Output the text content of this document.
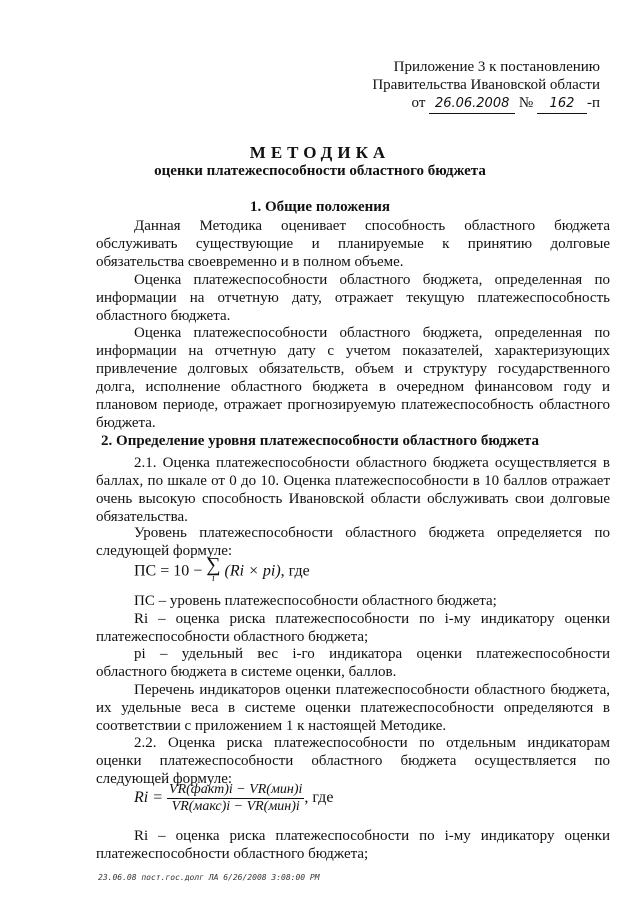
Приложение 3 к постановлению
Правительства Ивановской области
от 26.06.2008 № 162 -п
МЕТОДИКА
оценки платежеспособности областного бюджета
1. Общие положения
Данная Методика оценивает способность областного бюджета обслуживать существующие и планируемые к принятию долговые обязательства своевременно и в полном объеме.
Оценка платежеспособности областного бюджета, определенная по информации на отчетную дату, отражает текущую платежеспособность областного бюджета.
Оценка платежеспособности областного бюджета, определенная по информации на отчетную дату с учетом показателей, характеризующих привлечение долговых обязательств, объем и структуру государственного долга, исполнение областного бюджета в очередном финансовом году и плановом периоде, отражает прогнозируемую платежеспособность областного бюджета.
2. Определение уровня платежеспособности областного бюджета
2.1. Оценка платежеспособности областного бюджета осуществляется в баллах, по шкале от 0 до 10. Оценка платежеспособности в 10 баллов отражает очень высокую способность Ивановской области обслуживать свои долговые обязательства.
Уровень платежеспособности областного бюджета определяется по следующей формуле:
ПС = 10 − ∑
i (Ri × pi), где
ПС – уровень платежеспособности областного бюджета;
Ri – оценка риска платежеспособности по i-му индикатору оценки платежеспособности областного бюджета;
pi – удельный вес i-го индикатора оценки платежеспособности областного бюджета в системе оценки, баллов.
Перечень индикаторов оценки платежеспособности областного бюджета, их удельные веса в системе оценки платежеспособности определяются в соответствии с приложением 1 к настоящей Методике.
2.2. Оценка риска платежеспособности по отдельным индикаторам оценки платежеспособности областного бюджета осуществляется по следующей формуле:
$Ri = \frac{\text{VR(факт)i − VR(мин)i}}{\text{VR(макс)i − VR(мин)i}}$ , где
Ri – оценка риска платежеспособности по i-му индикатору оценки платежеспособности областного бюджета;
23.06.08 пост.гос.долг ЛА 6/26/2008 3:08:00 PM
